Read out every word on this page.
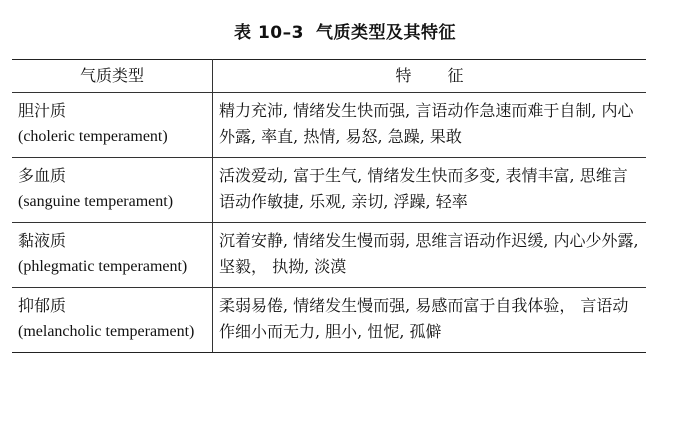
表 10–3 气质类型及其特征
气质类型	特征

胆汁质
(choleric temperament)	精力充沛, 情绪发生快而强, 言语动作急速而难于自制, 内心外露, 率直, 热情, 易怒, 急躁, 果敢

多血质
(sanguine temperament)	活泼爱动, 富于生气, 情绪发生快而多变, 表情丰富, 思维言语动作敏捷, 乐观, 亲切, 浮躁, 轻率

黏液质
(phlegmatic temperament)	沉着安静, 情绪发生慢而弱, 思维言语动作迟缓, 内心少外露, 坚毅， 执拗, 淡漠

抑郁质
(melancholic temperament)	柔弱易倦, 情绪发生慢而强, 易感而富于自我体验， 言语动作细小而无力, 胆小, 忸怩, 孤僻
